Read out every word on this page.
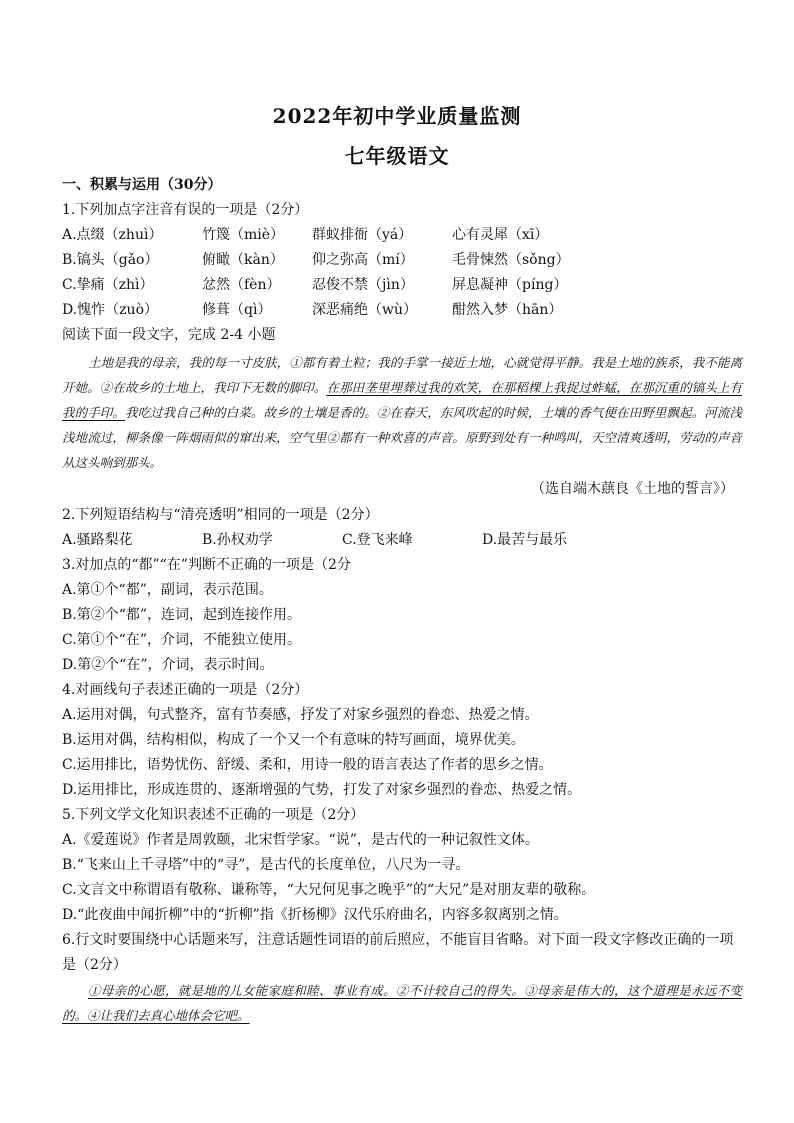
2022年初中学业质量监测
七年级语文
一、积累与运用（30分）
1.下列加点字注音有误的一项是（2分）
A.点缀（zhuì）	竹篾（miè）	群蚁排衙（yá）	心有灵犀（xī）
B.镐头（gǎo）	俯瞰（kàn）	仰之弥高（mí）	毛骨悚然（sǒng）
C.挚痛（zhì）	忿然（fèn）	忍俊不禁（jìn）	屏息凝神（píng）
D.愧怍（zuò）	修葺（qì）	深恶痛绝（wù）	酣然入梦（hān）
阅读下面一段文字，完成 2-4 小题

土地是我的母亲，我的每一寸皮肤，①都有着土粒；我的手掌一接近土地，心就觉得平静。我是土地的族系，我不能离开她。②在故乡的土地上，我印下无数的脚印。在那田垄里埋葬过我的欢笑，在那稻棵上我捉过蚱蜢，在那沉重的镐头上有我的手印。我吃过我自己种的白菜。故乡的土壤是香的。②在春天，东风吹起的时候，土壤的香气便在田野里飘起。河流浅浅地流过，柳条像一阵烟雨似的窜出来，空气里②都有一种欢喜的声音。原野到处有一种鸣叫，天空清爽透明，劳动的声音从这头响到那头。

（选自端木蕻良《土地的誓言》）
2.下列短语结构与“清亮透明”相同的一项是（2分）
A.骚路梨花	B.孙权劝学	C.登飞来峰	D.最苦与最乐
3.对加点的“都”“在”判断不正确的一项是（2分
A.第①个“都”，副词，表示范围。
B.第②个“都”，连词，起到连接作用。
C.第①个“在”，介词，不能独立使用。
D.第②个“在”，介词，表示时间。
4.对画线句子表述正确的一项是（2分）
A.运用对偶，句式整齐，富有节奏感，抒发了对家乡强烈的眷恋、热爱之情。
B.运用对偶，结构相似，构成了一个又一个有意味的特写画面，境界优美。
C.运用排比，语势忧伤、舒缓、柔和，用诗一般的语言表达了作者的思乡之情。
D.运用排比，形成连贯的、逐渐增强的气势，打发了对家乡强烈的眷恋、热爱之情。
5.下列文学文化知识表述不正确的一项是（2分）
A.《爱莲说》作者是周敦颐，北宋哲学家。“说”，是古代的一种记叙性文体。
B.“飞来山上千寻塔”中的“寻”，是古代的长度单位，八尺为一寻。
C.文言文中称谓语有敬称、谦称等，“大兄何见事之晚乎”的“大兄”是对朋友辈的敬称。
D.“此夜曲中闻折柳”中的“折柳”指《折杨柳》汉代乐府曲名，内容多叙离别之情。
6.行文时要围绕中心话题来写，注意话题性词语的前后照应，不能盲目省略。对下面一段文字修改正确的一项是（2分）
①母亲的心愿，就是地的儿女能家庭和睦、事业有成。②不计较自己的得失。③母亲是伟大的，这个道理是永远不变的。④让我们去真心地体会它吧。
